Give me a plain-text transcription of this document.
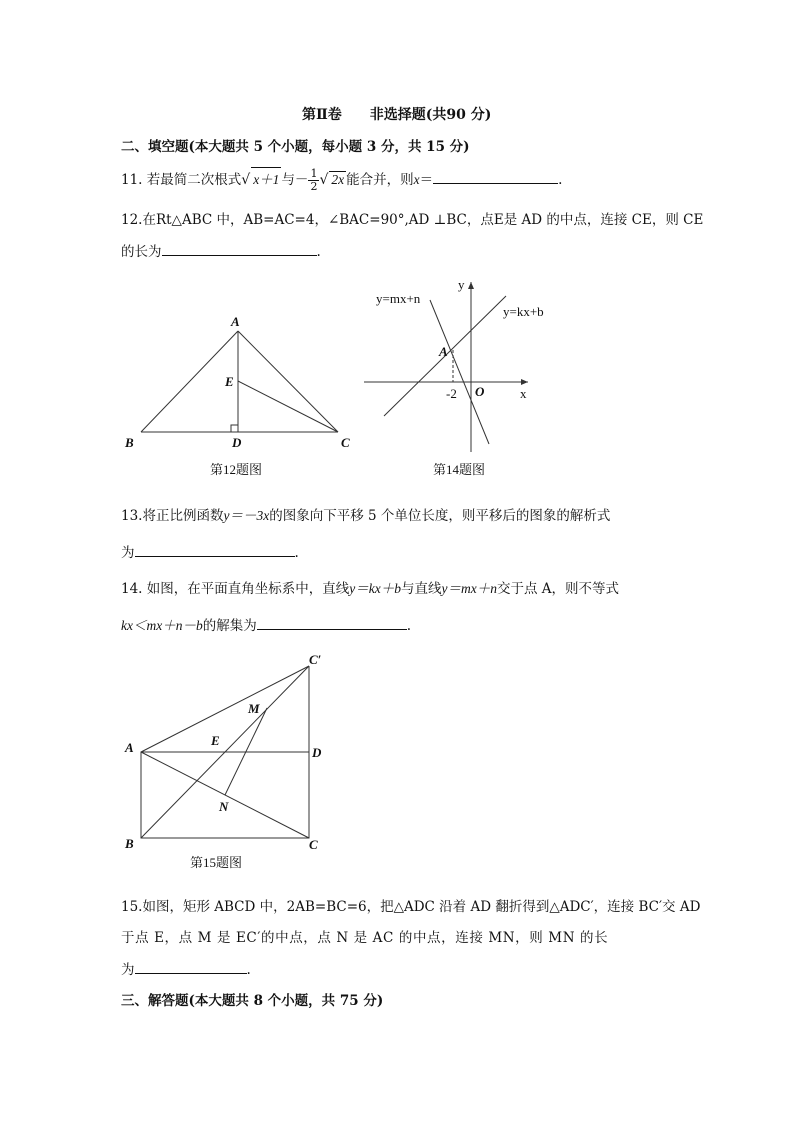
第Ⅱ卷　　非选择题(共90 分)
二、填空题(本大题共 5 个小题，每小题 3 分，共 15 分)
11. 若最简二次根式√ x＋1 与－ $\frac{1}{2}$ √ 2x 能合并，则x＝	.
12.在Rt△ABC 中，AB=AC=4，∠BAC=90°,AD ⊥BC，点E是 AD 的中点，连接 CE，则 CE
的长为	.
A
B	C
D
E
第12题图
y
x
O
A
-2
y=mx+n
y=kx+b
第14题图
13.将正比例函数y＝－3x的图象向下平移 5 个单位长度，则平移后的图象的解析式
为	.
14. 如图，在平面直角坐标系中，直线y＝kx＋b与直线y＝mx＋n交于点 A，则不等式
kx＜mx＋n－b的解集为	.
A
B	C
D
C′
E
M
N
第15题图
15.如图，矩形 ABCD 中，2AB=BC=6，把△ADC 沿着 AD 翻折得到△ADC′，连接 BC′交 AD
于点 E，点 M 是 EC′的中点，点 N 是 AC 的中点，连接 MN，则 MN 的长
为	.
三、解答题(本大题共 8 个小题，共 75 分)
